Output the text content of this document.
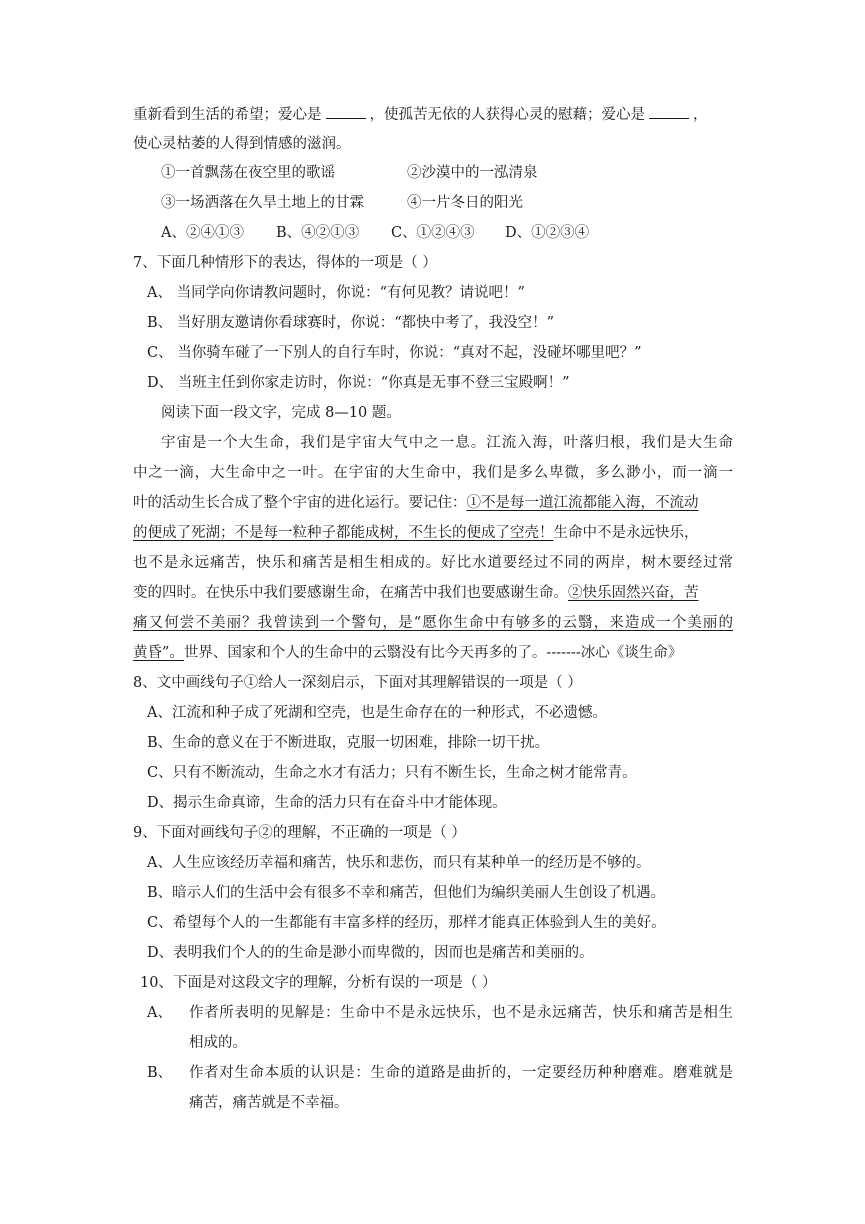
重新看到生活的希望；爱心是	，使孤苦无依的人获得心灵的慰藉；爱心是	，
使心灵枯萎的人得到情感的滋润。
①一首飘荡在夜空里的歌谣	②沙漠中的一泓清泉
③一场洒落在久旱土地上的甘霖	④一片冬日的阳光
A、②④①③ B、④②①③ C、①②④③ D、①②③④
7、下面几种情形下的表达，得体的一项是（ ）
A、 当同学向你请教问题时，你说：“有何见教？请说吧！”
B、 当好朋友邀请你看球赛时，你说：“都快中考了，我没空！”
C、 当你骑车碰了一下别人的自行车时，你说：“真对不起，没碰坏哪里吧？”
D、 当班主任到你家走访时，你说：“你真是无事不登三宝殿啊！”
阅读下面一段文字，完成 8—10 题。
宇宙是一个大生命，我们是宇宙大气中之一息。江流入海，叶落归根，我们是大生命
中之一滴，大生命中之一叶。在宇宙的大生命中，我们是多么卑微，多么渺小，而一滴一
叶的活动生长合成了整个宇宙的进化运行。要记住：①不是每一道江流都能入海，不流动
的便成了死湖；不是每一粒种子都能成树，不生长的便成了空壳！生命中不是永远快乐，
也不是永远痛苦，快乐和痛苦是相生相成的。好比水道要经过不同的两岸，树木要经过常
变的四时。在快乐中我们要感谢生命，在痛苦中我们也要感谢生命。②快乐固然兴奋，苦
痛又何尝不美丽？我曾读到一个警句，是“愿你生命中有够多的云翳，来造成一个美丽的
黄昏”。世界、国家和个人的生命中的云翳没有比今天再多的了。-------冰心《谈生命》
8、文中画线句子①给人一深刻启示，下面对其理解错误的一项是（ ）
A、江流和种子成了死湖和空壳，也是生命存在的一种形式，不必遗憾。
B、生命的意义在于不断进取，克服一切困难，排除一切干扰。
C、只有不断流动，生命之水才有活力；只有不断生长，生命之树才能常青。
D、揭示生命真谛，生命的活力只有在奋斗中才能体现。
9、下面对画线句子②的理解，不正确的一项是（ ）
A、人生应该经历幸福和痛苦，快乐和悲伤，而只有某种单一的经历是不够的。
B、暗示人们的生活中会有很多不幸和痛苦，但他们为编织美丽人生创设了机遇。
C、希望每个人的一生都能有丰富多样的经历，那样才能真正体验到人生的美好。
D、表明我们个人的的生命是渺小而卑微的，因而也是痛苦和美丽的。
10、下面是对这段文字的理解，分析有误的一项是（ ）
A、 作者所表明的见解是：生命中不是永远快乐，也不是永远痛苦，快乐和痛苦是相生
相成的。
B、 作者对生命本质的认识是：生命的道路是曲折的，一定要经历种种磨难。磨难就是
痛苦，痛苦就是不幸福。
